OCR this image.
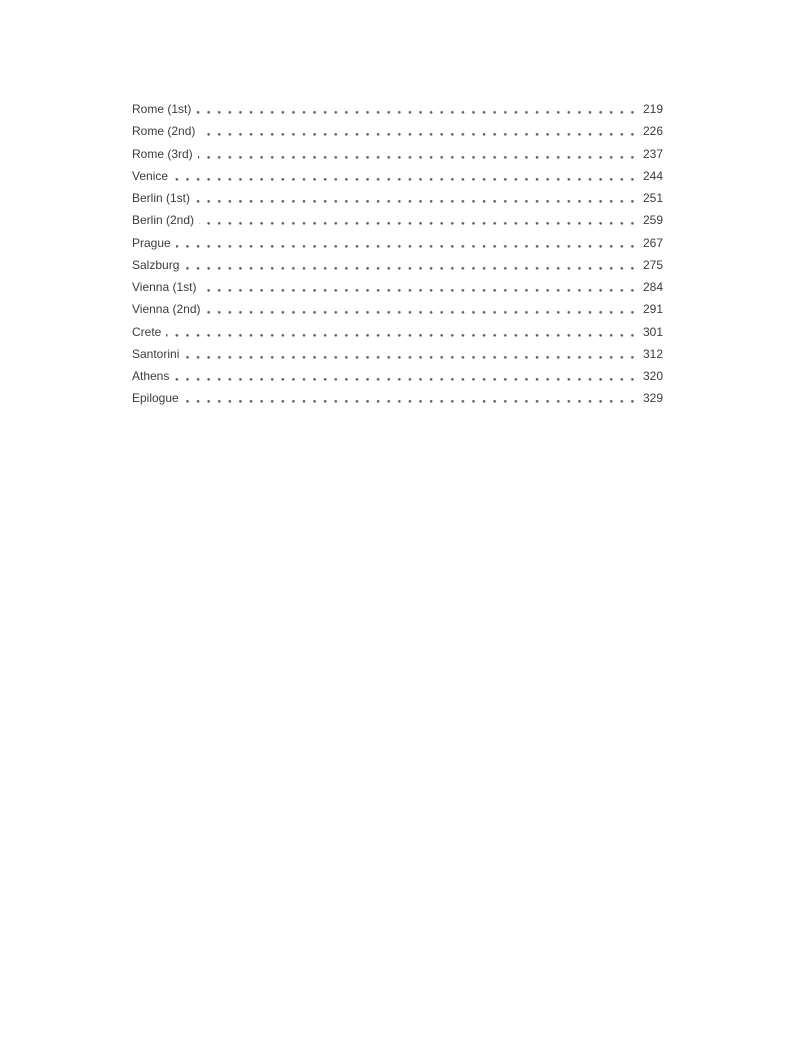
Rome (1st)	219
Rome (2nd)	226
Rome (3rd)	237
Venice	244
Berlin (1st)	251
Berlin (2nd)	259
Prague	267
Salzburg	275
Vienna (1st)	284
Vienna (2nd)	291
Crete	301
Santorini	312
Athens	320
Epilogue	329
